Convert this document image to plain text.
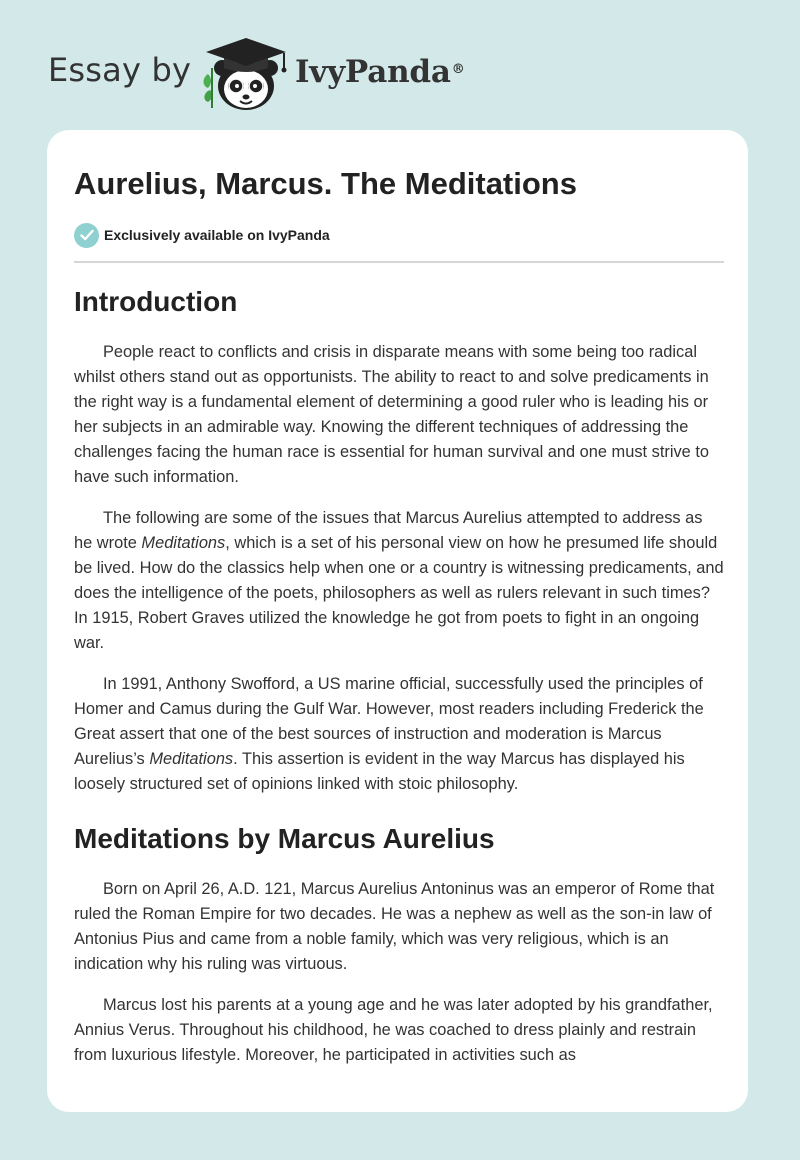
Essay by	IvyPanda®
Aurelius, Marcus. The Meditations
Exclusively available on IvyPanda
Introduction

People react to conflicts and crisis in disparate means with some being too radical whilst others stand out as opportunists. The ability to react to and solve predicaments in the right way is a fundamental element of determining a good ruler who is leading his or her subjects in an admirable way. Knowing the different techniques of addressing the challenges facing the human race is essential for human survival and one must strive to have such information.

The following are some of the issues that Marcus Aurelius attempted to address as he wrote Meditations, which is a set of his personal view on how he presumed life should be lived. How do the classics help when one or a country is witnessing predicaments, and does the intelligence of the poets, philosophers as well as rulers relevant in such times? In 1915, Robert Graves utilized the knowledge he got from poets to fight in an ongoing war.

In 1991, Anthony Swofford, a US marine official, successfully used the principles of Homer and Camus during the Gulf War. However, most readers including Frederick the Great assert that one of the best sources of instruction and moderation is Marcus Aurelius’s Meditations. This assertion is evident in the way Marcus has displayed his loosely structured set of opinions linked with stoic philosophy.

Meditations by Marcus Aurelius

Born on April 26, A.D. 121, Marcus Aurelius Antoninus was an emperor of Rome that ruled the Roman Empire for two decades. He was a nephew as well as the son-in law of Antonius Pius and came from a noble family, which was very religious, which is an indication why his ruling was virtuous.

Marcus lost his parents at a young age and he was later adopted by his grandfather, Annius Verus. Throughout his childhood, he was coached to dress plainly and restrain from luxurious lifestyle. Moreover, he participated in activities such as
